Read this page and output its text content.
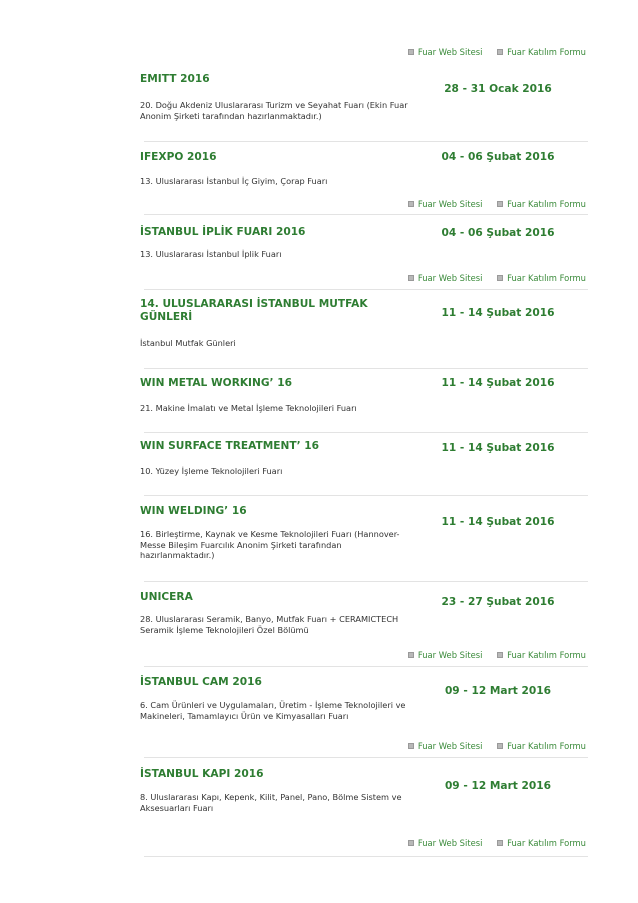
Fuar Web Sitesi
	Fuar Katılım Formu
EMITT 2016
20. Doğu Akdeniz Uluslararası Turizm ve Seyahat Fuarı (Ekin Fuar Anonim Şirketi tarafından hazırlanmaktadır.)
28 - 31 Ocak 2016
IFEXPO 2016
13. Uluslararası İstanbul İç Giyim, Çorap Fuarı
04 - 06 Şubat 2016
Fuar Web Sitesi
	Fuar Katılım Formu
İSTANBUL İPLİK FUARI 2016
13. Uluslararası İstanbul İplik Fuarı
04 - 06 Şubat 2016
Fuar Web Sitesi
	Fuar Katılım Formu
14. ULUSLARARASI İSTANBUL MUTFAK GÜNLERİ
İstanbul Mutfak Günleri
11 - 14 Şubat 2016
WIN METAL WORKING’ 16
21. Makine İmalatı ve Metal İşleme Teknolojileri Fuarı
11 - 14 Şubat 2016
WIN SURFACE TREATMENT’ 16
10. Yüzey İşleme Teknolojileri Fuarı
11 - 14 Şubat 2016
WIN WELDING’ 16
16. Birleştirme, Kaynak ve Kesme Teknolojileri Fuarı (Hannover-Messe Bileşim Fuarcılık Anonim Şirketi tarafından hazırlanmaktadır.)
11 - 14 Şubat 2016
UNICERA
28. Uluslararası Seramik, Banyo, Mutfak Fuarı + CERAMICTECH Seramik İşleme Teknolojileri Özel Bölümü
23 - 27 Şubat 2016
Fuar Web Sitesi
	Fuar Katılım Formu
İSTANBUL CAM 2016
6. Cam Ürünleri ve Uygulamaları, Üretim - İşleme Teknolojileri ve Makineleri, Tamamlayıcı Ürün ve Kimyasalları Fuarı
09 - 12 Mart 2016
Fuar Web Sitesi
	Fuar Katılım Formu
İSTANBUL KAPI 2016
8. Uluslararası Kapı, Kepenk, Kilit, Panel, Pano, Bölme Sistem ve Aksesuarları Fuarı
09 - 12 Mart 2016
Fuar Web Sitesi
	Fuar Katılım Formu
